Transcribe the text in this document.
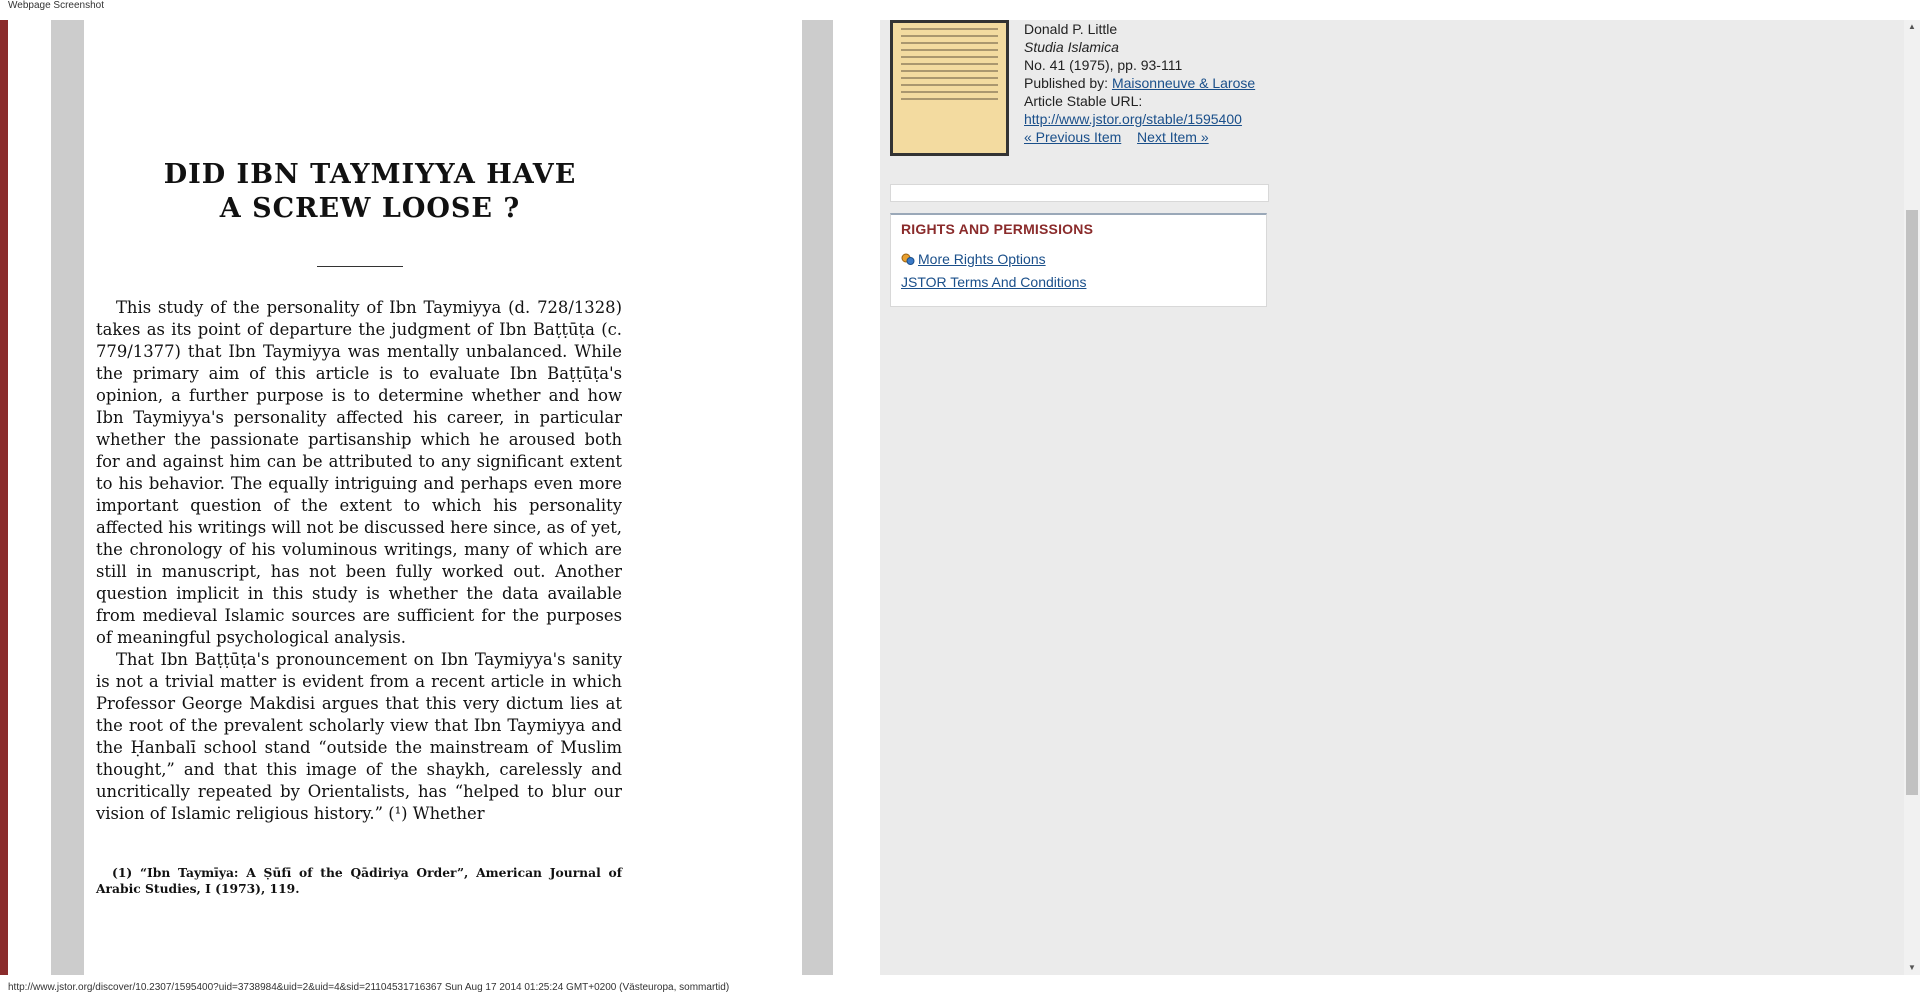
Webpage Screenshot
DID IBN TAYMIYYA HAVE
A SCREW LOOSE ?

This study of the personality of Ibn Taymiyya (d. 728/1328) takes as its point of departure the judgment of Ibn Baṭṭūṭa (c. 779/1377) that Ibn Taymiyya was mentally unbalanced. While the primary aim of this article is to evaluate Ibn Baṭṭūṭa's opinion, a further purpose is to determine whether and how Ibn Taymiyya's personality affected his career, in particular whether the passionate partisanship which he aroused both for and against him can be attributed to any significant extent to his behavior. The equally intriguing and perhaps even more important question of the extent to which his personality affected his writings will not be discussed here since, as of yet, the chronology of his voluminous writings, many of which are still in manuscript, has not been fully worked out. Another question implicit in this study is whether the data available from medieval Islamic sources are sufficient for the purposes of meaningful psychological analysis.

That Ibn Baṭṭūṭa's pronouncement on Ibn Taymiyya's sanity is not a trivial matter is evident from a recent article in which Professor George Makdisi argues that this very dictum lies at the root of the prevalent scholarly view that Ibn Taymiyya and the Ḥanbalī school stand “outside the mainstream of Muslim thought,” and that this image of the shaykh, carelessly and uncritically repeated by Orientalists, has “helped to blur our vision of Islamic religious history.” (¹) Whether

(1) “Ibn Taymīya: A Ṣūfī of the Qādiriya Order”, American Journal of Arabic Studies, I (1973), 119.
Donald P. Little
Studia Islamica
No. 41 (1975), pp. 93-111
Published by: Maisonneuve & Larose
Article Stable URL:
http://www.jstor.org/stable/1595400
« Previous Item Next Item »
RIGHTS AND PERMISSIONS
More Rights Options
JSTOR Terms And Conditions
▲
▼
http://www.jstor.org/discover/10.2307/1595400?uid=3738984&uid=2&uid=4&sid=21104531716367 Sun Aug 17 2014 01:25:24 GMT+0200 (Västeuropa, sommartid)
